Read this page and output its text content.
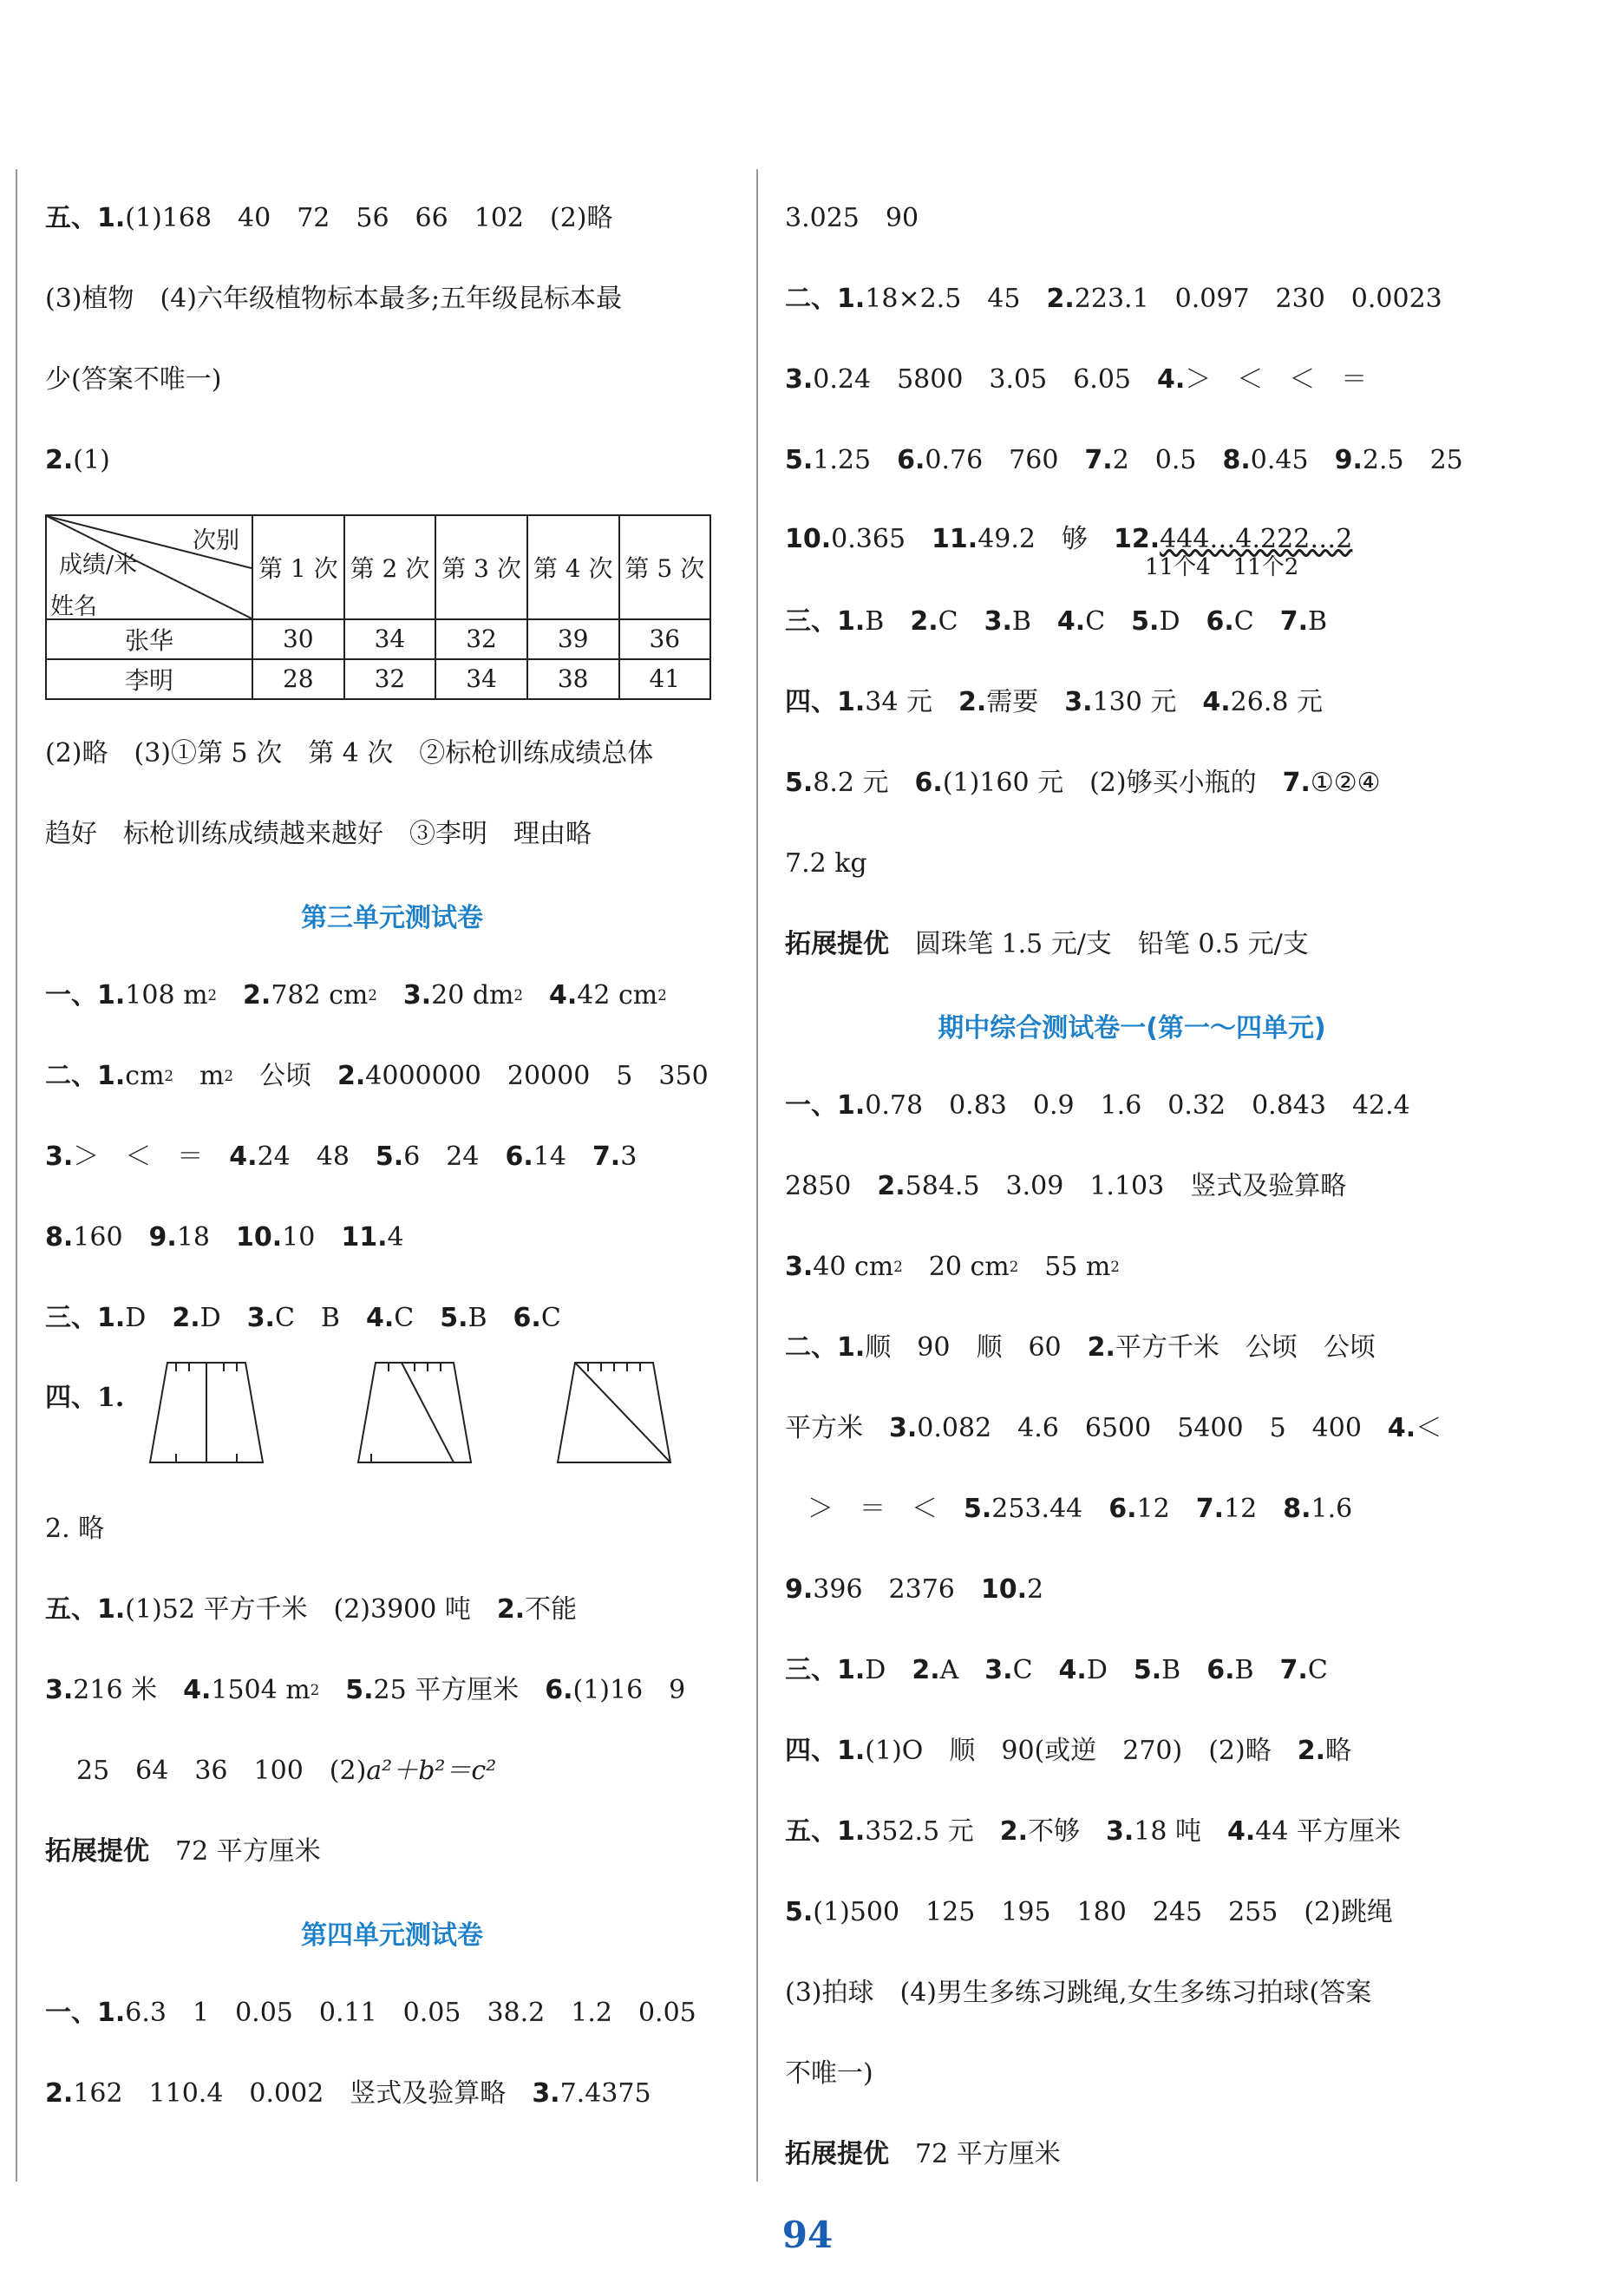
五、1. (1)168　40　72　56　66　102　(2)略
(3)植物　(4)六年级植物标本最多;五年级昆标本最
少(答案不唯一)
2. (1)
次别
成绩/米
姓名	第 1 次	第 2 次	第 3 次	第 4 次	第 5 次
张华	30	34	32	39	36
李明	28	32	34	38	41
(2)略　(3)①第 5 次　第 4 次　②标枪训练成绩总体
趋好　标枪训练成绩越来越好　③李明　理由略
第三单元测试卷
一、1. 108 m 2
　 2. 782 cm 2
　 3. 20 dm 2
　 4. 42 cm 2
二、1. cm 2
　 m 2
　 公顷
　 2. 4000000　20000　5　350
3. ＞　＜　＝　 4. 24　48　 5. 6　24　 6. 14　 7. 3
8. 160　 9. 18　 10. 10　 11. 4
三、1. D　 2. D　 3. C　B　 4. C　 5. B　 6. C
四、1.
2. 略
五、1. (1)52 平方千米　(2)3900 吨　 2. 不能
3. 216 米　 4. 1504 m 2
　 5. 25 平方厘米　 6. (1)16　9
25　64　36　100　(2) a²＋b²＝c²
拓展提优
　 72 平方厘米
第四单元测试卷
一、1. 6.3　1　0.05　0.11　0.05　38.2　1.2　0.05
2. 162　110.4　0.002　竖式及验算略　 3. 7.4375
3.025　90
二、1. 18×2.5　45　 2. 223.1　0.097　230　0.0023
3. 0.24　5800　3.05　6.05　 4. ＞　＜　＜　＝
5. 1.25　 6. 0.76　760　 7. 2　0.5　 8. 0.45　 9. 2.5　25
10. 0.365　 11. 49.2　够　 12. 444…4.222…2
11个4　11个2
三、1. B　 2. C　 3. B　 4. C　 5. D　 6. C　 7. B
四、1. 34 元　 2. 需要　 3. 130 元　 4. 26.8 元
5. 8.2 元　 6. (1)160 元　(2)够买小瓶的　 7. ①②④
7.2 kg
拓展提优
　 圆珠笔 1.5 元/支　铅笔 0.5 元/支
期中综合测试卷一(第一～四单元)
一、1. 0.78　0.83　0.9　1.6　0.32　0.843　42.4
2850　 2. 584.5　3.09　1.103　竖式及验算略
3. 40 cm 2
　 20 cm 2
　 55 m 2
二、1. 顺　90　顺　60　 2. 平方千米　公顷　公顷
平方米　 3. 0.082　4.6　6500　5400　5　400　 4. ＜
＞　＝　＜　 5. 253.44　 6. 12　 7. 12　 8. 1.6
9. 396　2376　 10. 2
三、1. D　 2. A　 3. C　 4. D　 5. B　 6. B　 7. C
四、1. (1)O　顺　90(或逆　270)　(2)略　 2. 略
五、1. 352.5 元　 2. 不够　 3. 18 吨　 4. 44 平方厘米
5. (1)500　125　195　180　245　255　(2)跳绳
(3)拍球　(4)男生多练习跳绳,女生多练习拍球(答案
不唯一)
拓展提优
　 72 平方厘米
94
